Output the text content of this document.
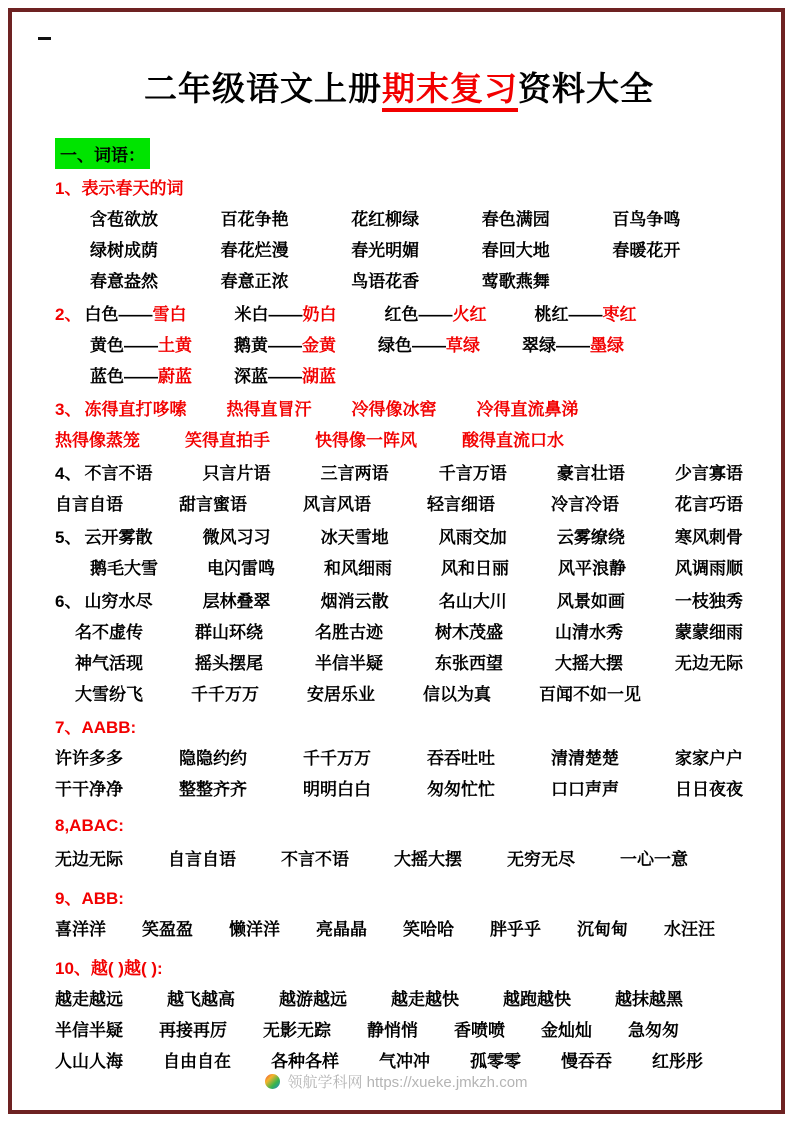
二年级语文上册期末复习资料大全
一、词语：
1、表示春天的词
含苞欲放	百花争艳	花红柳绿	春色满园	百鸟争鸣
绿树成荫	春花烂漫	春光明媚	春回大地	春暖花开
春意盎然	春意正浓	鸟语花香	莺歌燕舞
2、 白色——雪白	米白——奶白	红色——火红	桃红——枣红
黄色——土黄 鹅黄——金黄 绿色——草绿 翠绿——墨绿
蓝色——蔚蓝 深蓝——湖蓝
3、 冻得直打哆嗦 热得直冒汗 冷得像冰窖 冷得直流鼻涕
热得像蒸笼	笑得直拍手	快得像一阵风	酸得直流口水
4、 不言不语	只言片语	三言两语	千言万语	豪言壮语	少言寡语
自言自语	甜言蜜语	风言风语	轻言细语	冷言冷语	花言巧语
5、 云开雾散	微风习习	冰天雪地	风雨交加	云雾缭绕	寒风刺骨
鹅毛大雪	电闪雷鸣	和风细雨	风和日丽	风平浪静	风调雨顺
6、 山穷水尽	层林叠翠	烟消云散	名山大川	风景如画	一枝独秀
名不虚传	群山环绕	名胜古迹	树木茂盛	山清水秀	蒙蒙细雨
神气活现	摇头摆尾	半信半疑	东张西望	大摇大摆	无边无际
大雪纷飞	千千万万	安居乐业	信以为真	百闻不如一见
7、AABB:
许许多多	隐隐约约	千千万万	吞吞吐吐	清清楚楚	家家户户
干干净净	整整齐齐	明明白白	匆匆忙忙	口口声声	日日夜夜
8,ABAC:
无边无际	自言自语	不言不语	大摇大摆	无穷无尽	一心一意
9、ABB:
喜洋洋 笑盈盈 懒洋洋 亮晶晶 笑哈哈 胖乎乎 沉甸甸 水汪汪
10、越( )越( ):
越走越远	越飞越高	越游越远	越走越快	越跑越快	越抹越黑
半信半疑 再接再厉 无影无踪 静悄悄 香喷喷 金灿灿 急匆匆
人山人海 自由自在 各种各样 气冲冲 孤零零 慢吞吞 红彤彤
领航学科网 https://xueke.jmkzh.com
